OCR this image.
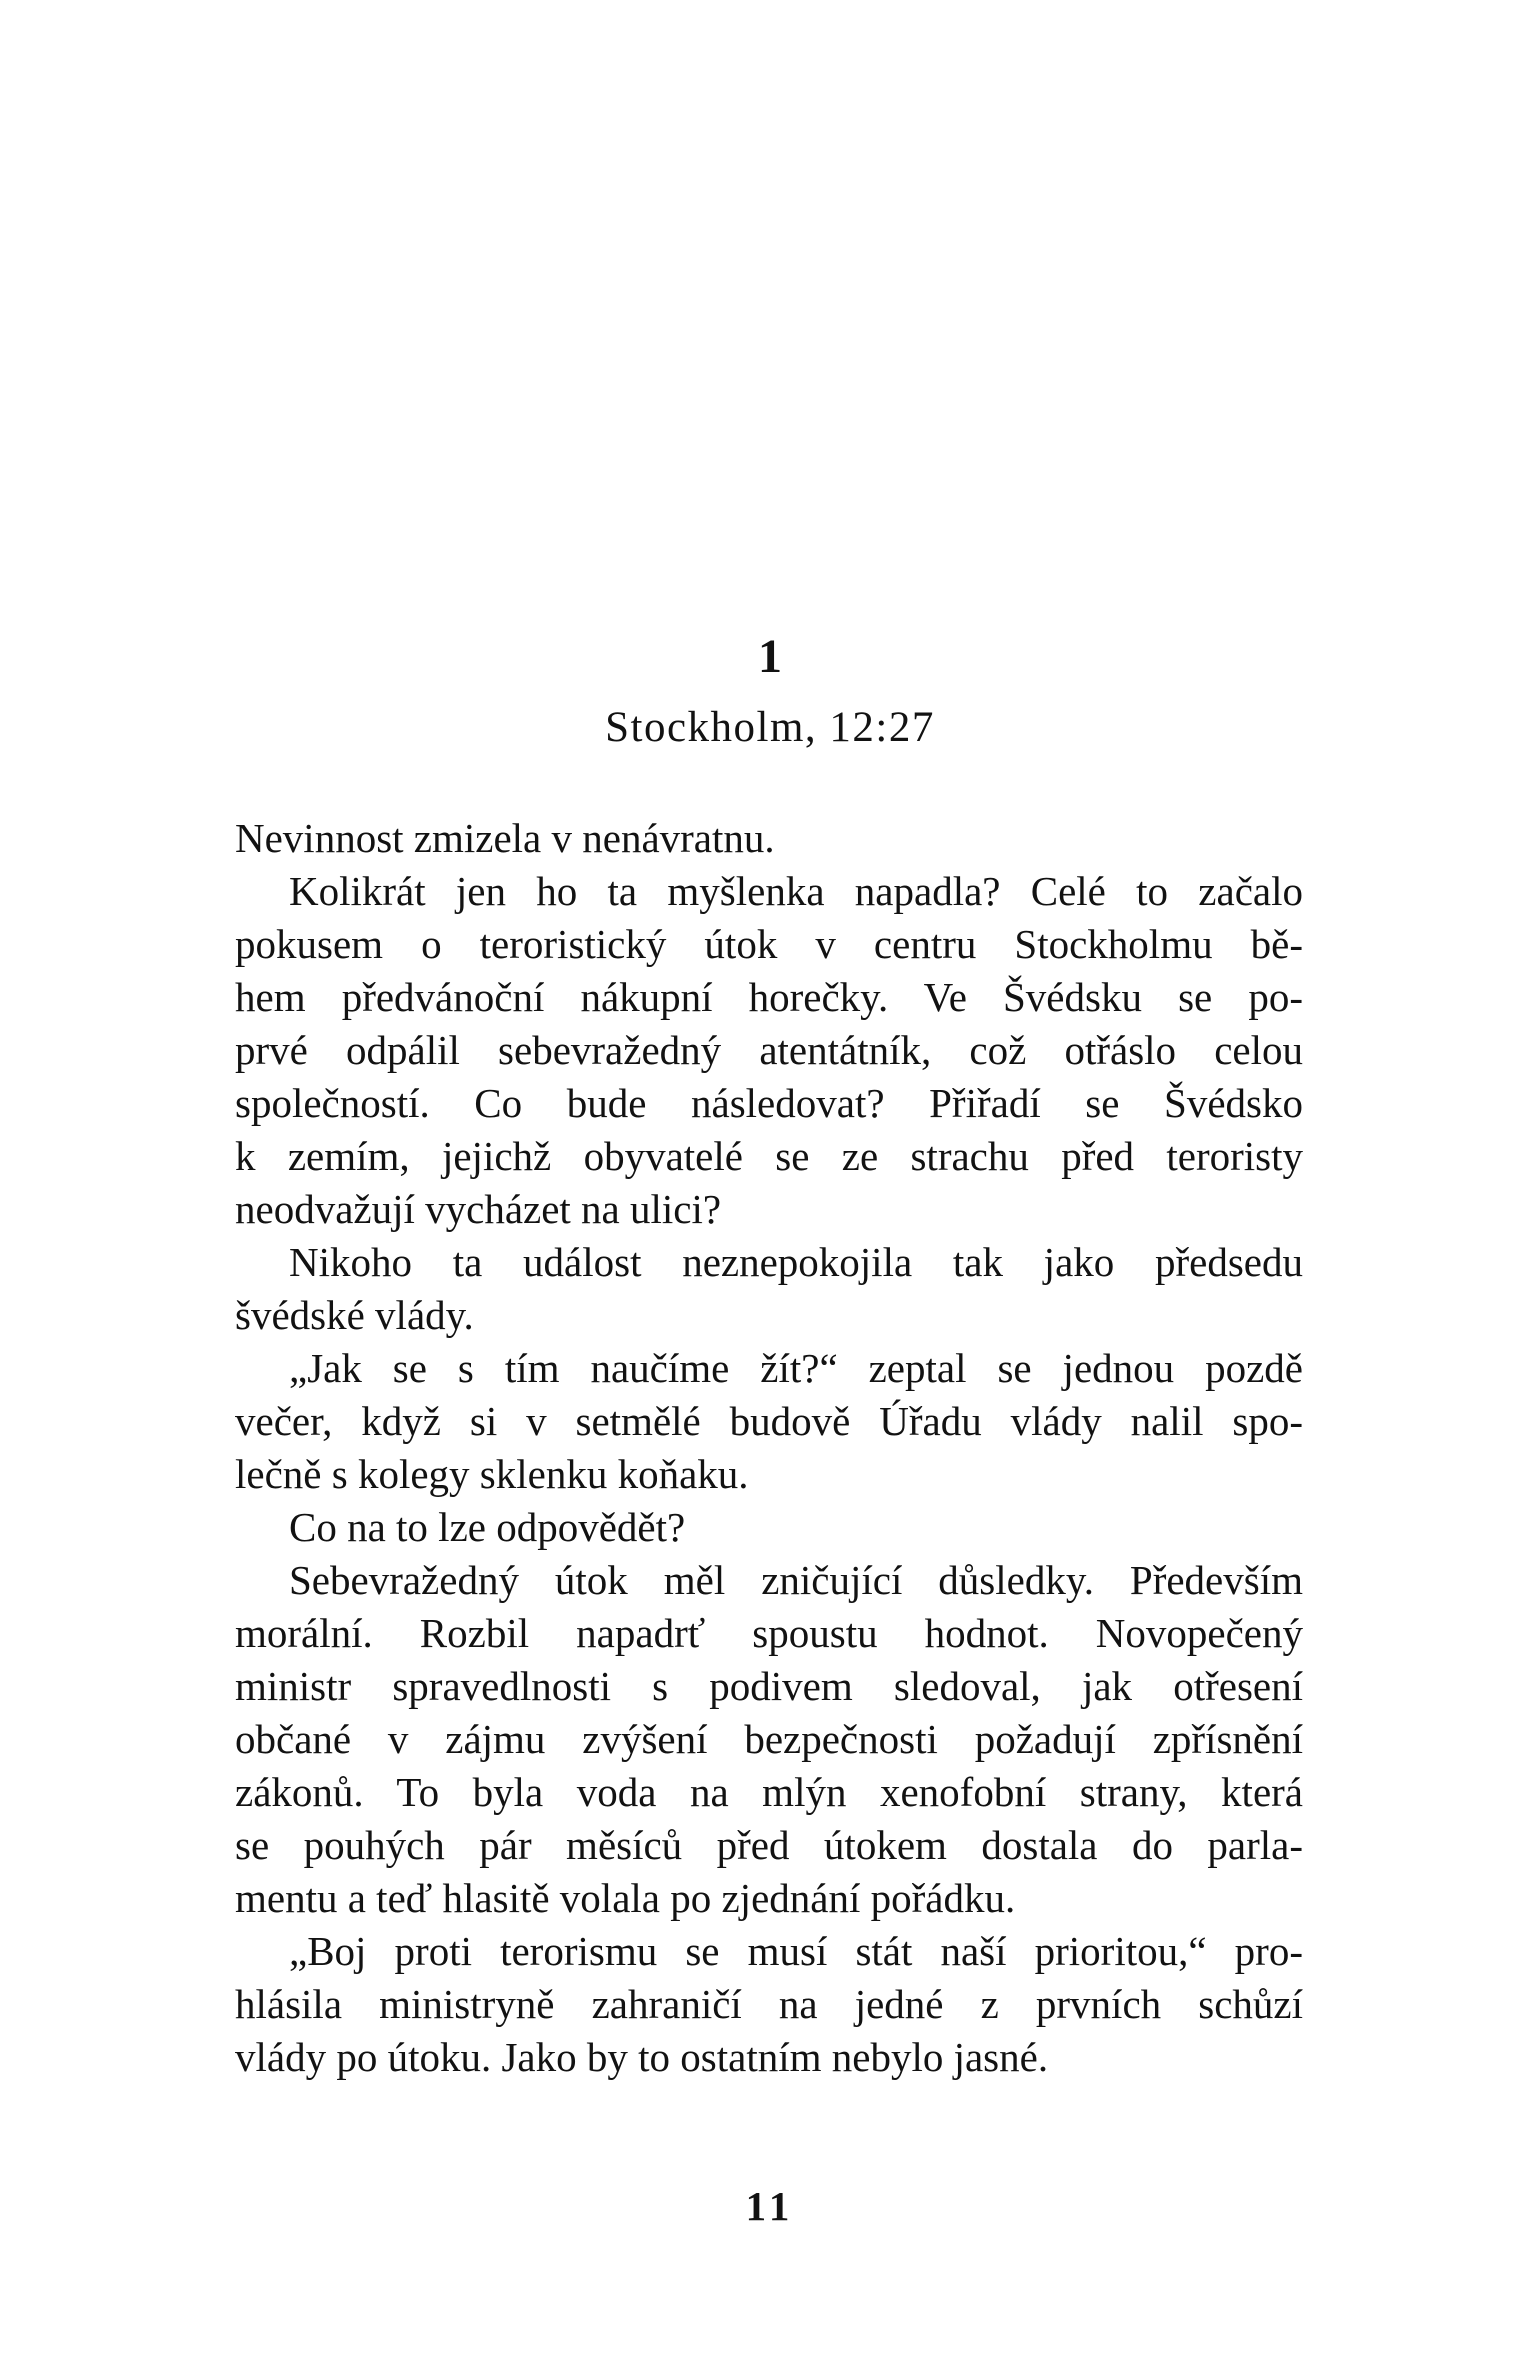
1
Stockholm, 12:27
Nevinnost zmizela v nenávratnu.
Kolikrát jen ho ta myšlenka napadla? Celé to začalo
pokusem o teroristický útok v centru Stockholmu bě-
hem předvánoční nákupní horečky. Ve Švédsku se po-
prvé odpálil sebevražedný atentátník, což otřáslo celou
společností. Co bude následovat? Přiřadí se Švédsko
k zemím, jejichž obyvatelé se ze strachu před teroristy
neodvažují vycházet na ulici?
Nikoho ta událost neznepokojila tak jako předsedu
švédské vlády.
„Jak se s tím naučíme žít?“ zeptal se jednou pozdě
večer, když si v setmělé budově Úřadu vlády nalil spo-
lečně s kolegy sklenku koňaku.
Co na to lze odpovědět?
Sebevražedný útok měl zničující důsledky. Především
morální. Rozbil napadrť spoustu hodnot. Novopečený
ministr spravedlnosti s podivem sledoval, jak otřesení
občané v zájmu zvýšení bezpečnosti požadují zpřísnění
zákonů. To byla voda na mlýn xenofobní strany, která
se pouhých pár měsíců před útokem dostala do parla-
mentu a teď hlasitě volala po zjednání pořádku.
„Boj proti terorismu se musí stát naší prioritou,“ pro-
hlásila ministryně zahraničí na jedné z prvních schůzí
vlády po útoku. Jako by to ostatním nebylo jasné.
11
